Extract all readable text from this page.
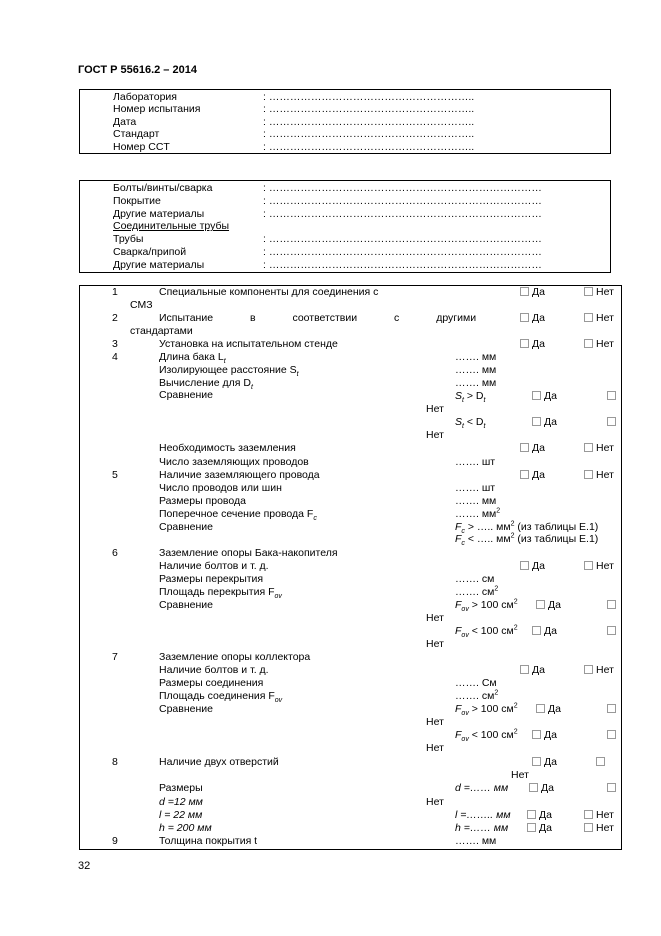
ГОСТ Р 55616.2 – 2014
Лаборатория	: …………………………………………………..
Номер испытания	: …………………………………………………..
Дата	: …………………………………………………..
Стандарт	: …………………………………………………..
Номер CCT	: …………………………………………………..
Болты/винты/сварка	: ……………………………………………………………………
Покрытие	: ……………………………………………………………………
Другие материалы	: ……………………………………………………………………
Соединительные трубы
Трубы	: ……………………………………………………………………
Сварка/припой	: ……………………………………………………………………
Другие материалы	: ……………………………………………………………………
1	Специальные компоненты для соединения с
СМЗ
Да	Нет
2	Испытание в соответствии с другими
стандартами
Да	Нет
3	Установка на испытательном стенде	Да	Нет
4	Длина бака $L_t$	……. мм
Изолирующее расстояние $S_t$	……. мм
Вычисление для $D_t$	……. мм
Сравнение	$S_t > D_t$	Да
Нет
$S_t < D_t$	Да
Нет
Необходимость заземления	Да	Нет
Число заземляющих проводов	……. шт
5	Наличие заземляющего провода	Да	Нет
Число проводов или шин	……. шт
Размеры провода	……. мм
Поперечное сечение провода $F_c$	……. $мм^2$
Сравнение	$F_c$ > ….. $мм^2$ (из таблицы Е.1)
$F_c$ < ….. $мм^2$ (из таблицы Е.1)
6	Заземление опоры Бака-накопителя
Наличие болтов и т. д.	Да	Нет
Размеры перекрытия	……. см
Площадь перекрытия $F_{ov}$	……. $см^2$
Сравнение	$F_{ov} > 100$ $см^2$	Да
Нет
$F_{ov} < 100$ $см^2$	Да
Нет
7	Заземление опоры коллектора
Наличие болтов и т. д.	Да	Нет
Размеры соединения	……. См
Площадь соединения $F_{ov}$	……. $см^2$
Сравнение	$F_{ov} > 100$ $см^2$	Да
Нет
$F_{ov} < 100$ $см^2$	Да
Нет
8	Наличие двух отверстий	Да
Нет
Размеры	d =…… мм	Да
d =12 мм	Нет
l = 22 мм	l =…….. мм	Да	Нет
h = 200 мм	h =…… мм	Да	Нет
9	Толщина покрытия t	……. мм
32
